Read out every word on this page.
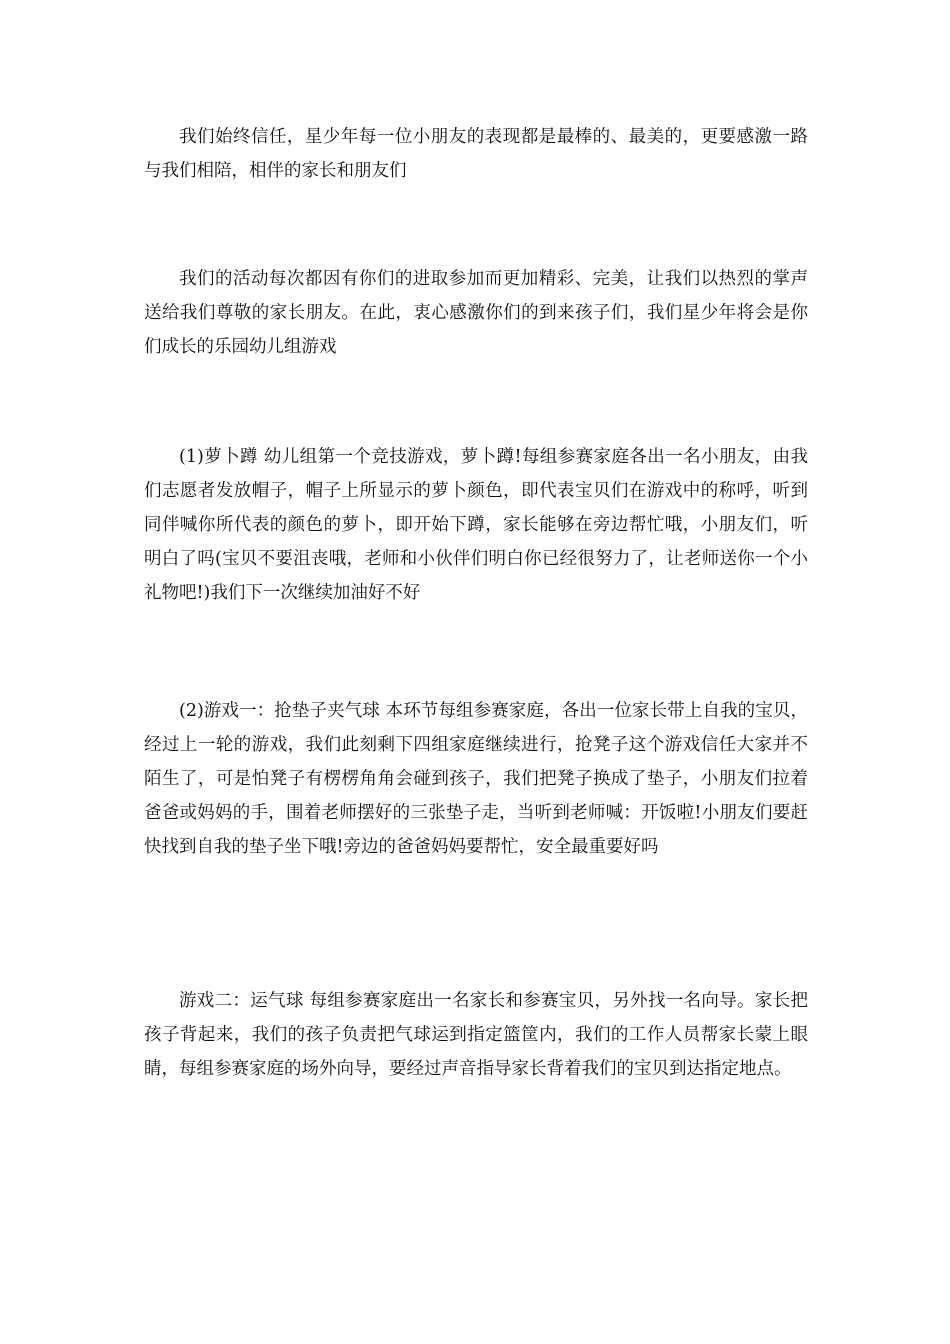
我们始终信任，星少年每一位小朋友的表现都是最棒的、最美的，更要感激一路与我们相陪，相伴的家长和朋友们

我们的活动每次都因有你们的进取参加而更加精彩、完美，让我们以热烈的掌声送给我们尊敬的家长朋友。在此，衷心感激你们的到来孩子们，我们星少年将会是你们成长的乐园幼儿组游戏

(1)萝卜蹲 幼儿组第一个竞技游戏，萝卜蹲!每组参赛家庭各出一名小朋友，由我们志愿者发放帽子，帽子上所显示的萝卜颜色，即代表宝贝们在游戏中的称呼，听到同伴喊你所代表的颜色的萝卜，即开始下蹲，家长能够在旁边帮忙哦，小朋友们，听明白了吗(宝贝不要沮丧哦，老师和小伙伴们明白你已经很努力了，让老师送你一个小礼物吧!)我们下一次继续加油好不好

(2)游戏一：抢垫子夹气球 本环节每组参赛家庭，各出一位家长带上自我的宝贝，经过上一轮的游戏，我们此刻剩下四组家庭继续进行，抢凳子这个游戏信任大家并不陌生了，可是怕凳子有楞楞角角会碰到孩子，我们把凳子换成了垫子，小朋友们拉着爸爸或妈妈的手，围着老师摆好的三张垫子走，当听到老师喊：开饭啦!小朋友们要赶快找到自我的垫子坐下哦!旁边的爸爸妈妈要帮忙，安全最重要好吗

游戏二：运气球 每组参赛家庭出一名家长和参赛宝贝，另外找一名向导。家长把孩子背起来，我们的孩子负责把气球运到指定篮筐内，我们的工作人员帮家长蒙上眼睛，每组参赛家庭的场外向导，要经过声音指导家长背着我们的宝贝到达指定地点。
